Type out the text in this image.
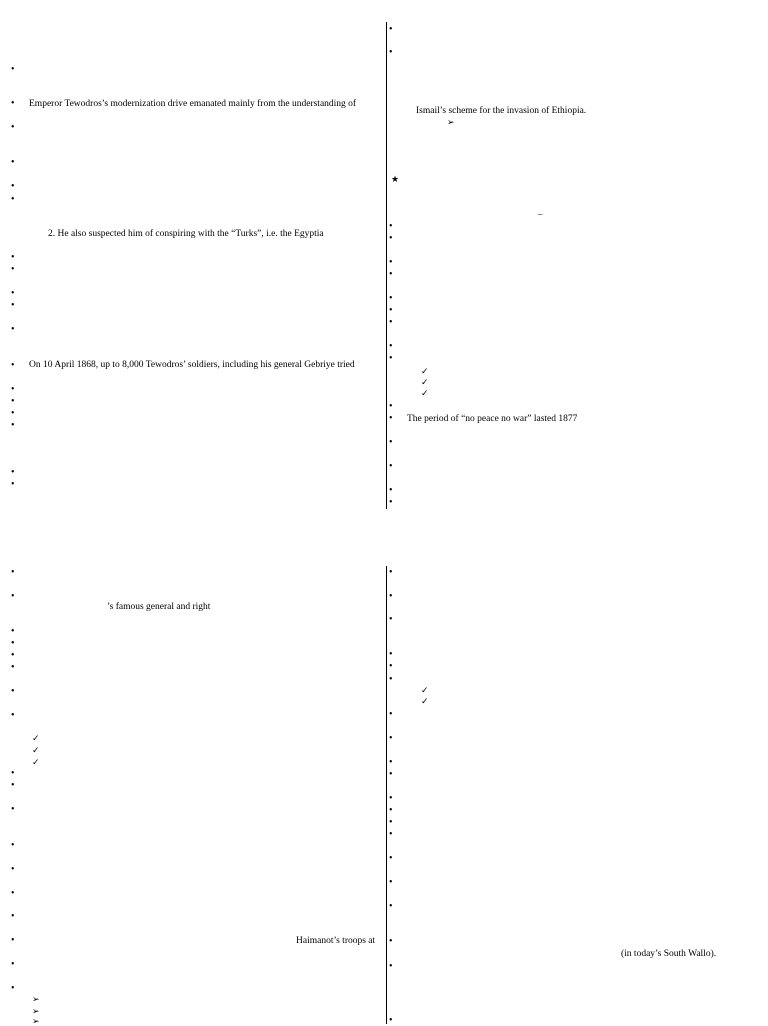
•
• Emperor Tewodros’s modernization drive emanated mainly from the understanding of
•
•
•
•
2. He also suspected him of conspiring with the “Turks”, i.e. the Egyptia
•
•
•
•
•
• On 10 April 1868, up to 8,000 Tewodros’ soldiers, including his general Gebriye tried
•
•
•
•
•
•
•
•
Ismail’s scheme for the invasion of Ethiopia.
➢
★
–
•
•
•
•
•
•
•
•
•
✓
✓
✓
•
• The period of “no peace no war” lasted 1877
•
•
•
•
•
•
’s famous general and right
•
•
•
•
•
•
✓
✓
✓
•
•
•
•
•
•
•
•	Haimanot’s troops at
•
•
➢
➢
➢
•
•
•
•
•
•
✓
✓
•
•
•
•
•
•
•
•
•
•
•
•
(in today’s South Wallo).
•
•
